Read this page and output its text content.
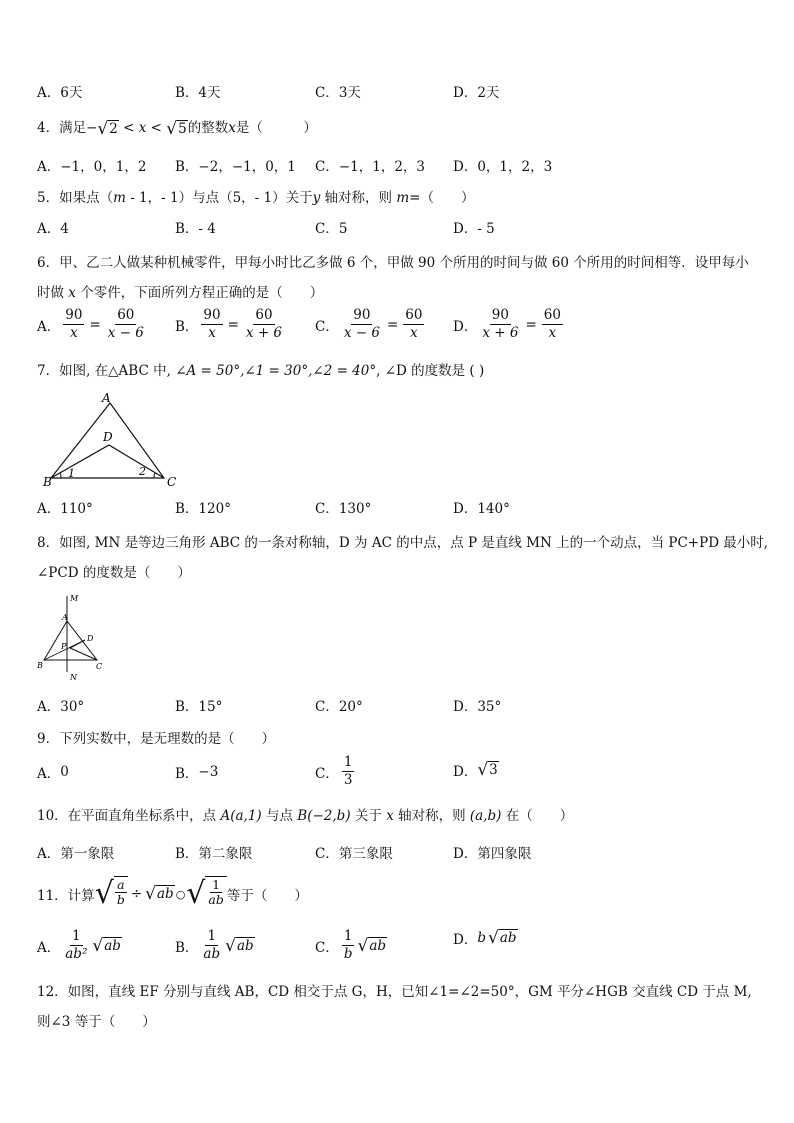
A．6天	B．4天	C．3天	D．2天
4．满足− √ 2 < x < √ 5 的整数x是（　　　）
A．−1，0，1，2 B．−2，−1，0，1 C．−1，1，2，3 D．0，1，2，3
5．如果点（m - 1，- 1）与点（5，- 1）关于y 轴对称，则 m=（　　）
A．4	B．- 4	C．5	D．- 5
6．甲、乙二人做某种机械零件，甲每小时比乙多做 6 个，甲做 90 个所用的时间与做 60 个所用的时间相等．设甲每小
时做 x 个零件，下面所列方程正确的是（　　）
A． $\frac{90}{x} = \frac{60}{x - 6}$ B． $\frac{90}{x} = \frac{60}{x + 6}$ C． $\frac{90}{x - 6} = \frac{60}{x}$ D． $\frac{90}{x + 6} = \frac{60}{x}$
7．如图, 在△ABC 中, ∠A = 50°,∠1 = 30°,∠2 = 40°, ∠D 的度数是 ( )
A
B	C
D
1	2
A．110°	B．120°	C．130°	D．140°
8．如图, MN 是等边三角形 ABC 的一条对称轴，D 为 AC 的中点，点 P 是直线 MN 上的一个动点，当 PC+PD 最小时,
∠PCD 的度数是（　　）
M
A
D
P
B	C
N
A．30°	B．15°	C．20°	D．35°
9．下列实数中，是无理数的是（　　）
A． 0	B． −3	C． $\frac{1}{3}$	D． √ 3
10．在平面直角坐标系中，点 A(a,1) 与点 B(−2,b) 关于 x 轴对称，则 (a,b) 在（　　）
A．第一象限	B．第二象限	C．第三象限	D．第四象限
11．计算 √ $\frac{a}{b}$ ÷ √ ab ○ √ $\frac{1}{ab}$ 等于（　　）
A． $\frac{1}{\text{ab²}}$ √ ab	B． $\frac{1}{ab}$ √ ab	C． $\frac{1}{b}$ √ ab	D． b √ ab
12．如图，直线 EF 分别与直线 AB，CD 相交于点 G，H，已知∠1=∠2=50°，GM 平分∠HGB 交直线 CD 于点 M,
则∠3 等于（　　）
